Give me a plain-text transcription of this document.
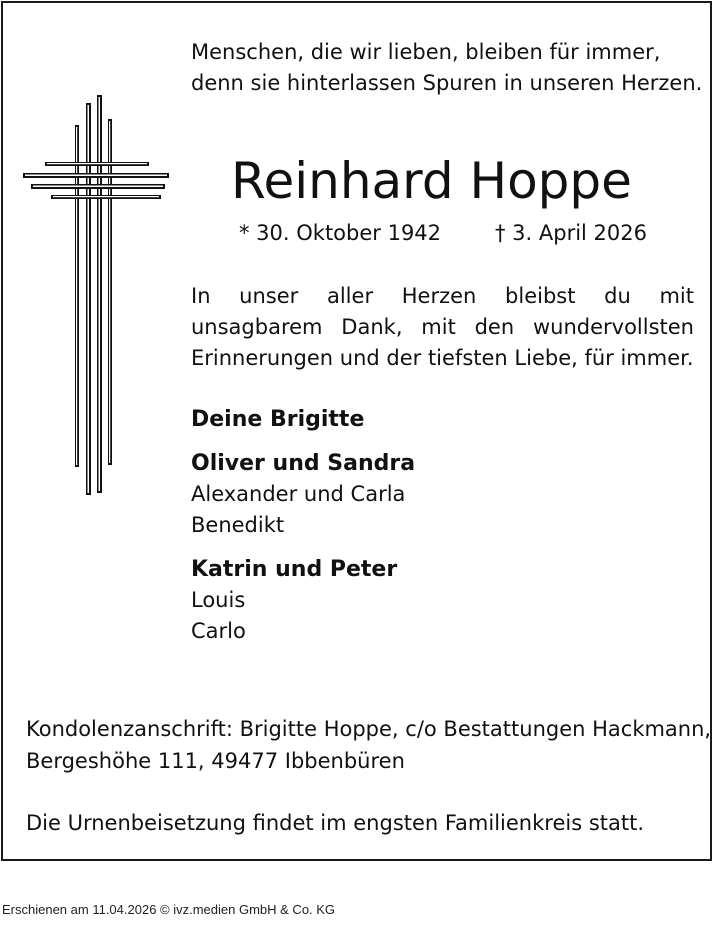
Menschen, die wir lieben, bleiben für immer,
denn sie hinterlassen Spuren in unseren Herzen.
Reinhard Hoppe
* 30. Oktober 1942	† 3. April 2026
In unser aller Herzen bleibst du mit unsagbarem Dank, mit den wundervollsten Erinnerungen und der tiefsten Liebe, für immer.
Deine Brigitte
Oliver und Sandra
Alexander und Carla
Benedikt
Katrin und Peter
Louis
Carlo
Kondolenzanschrift: Brigitte Hoppe, c/o Bestattungen Hackmann,
Bergeshöhe 111, 49477 Ibbenbüren
Die Urnenbeisetzung findet im engsten Familienkreis statt.
Erschienen am 11.04.2026 © ivz.medien GmbH & Co. KG
